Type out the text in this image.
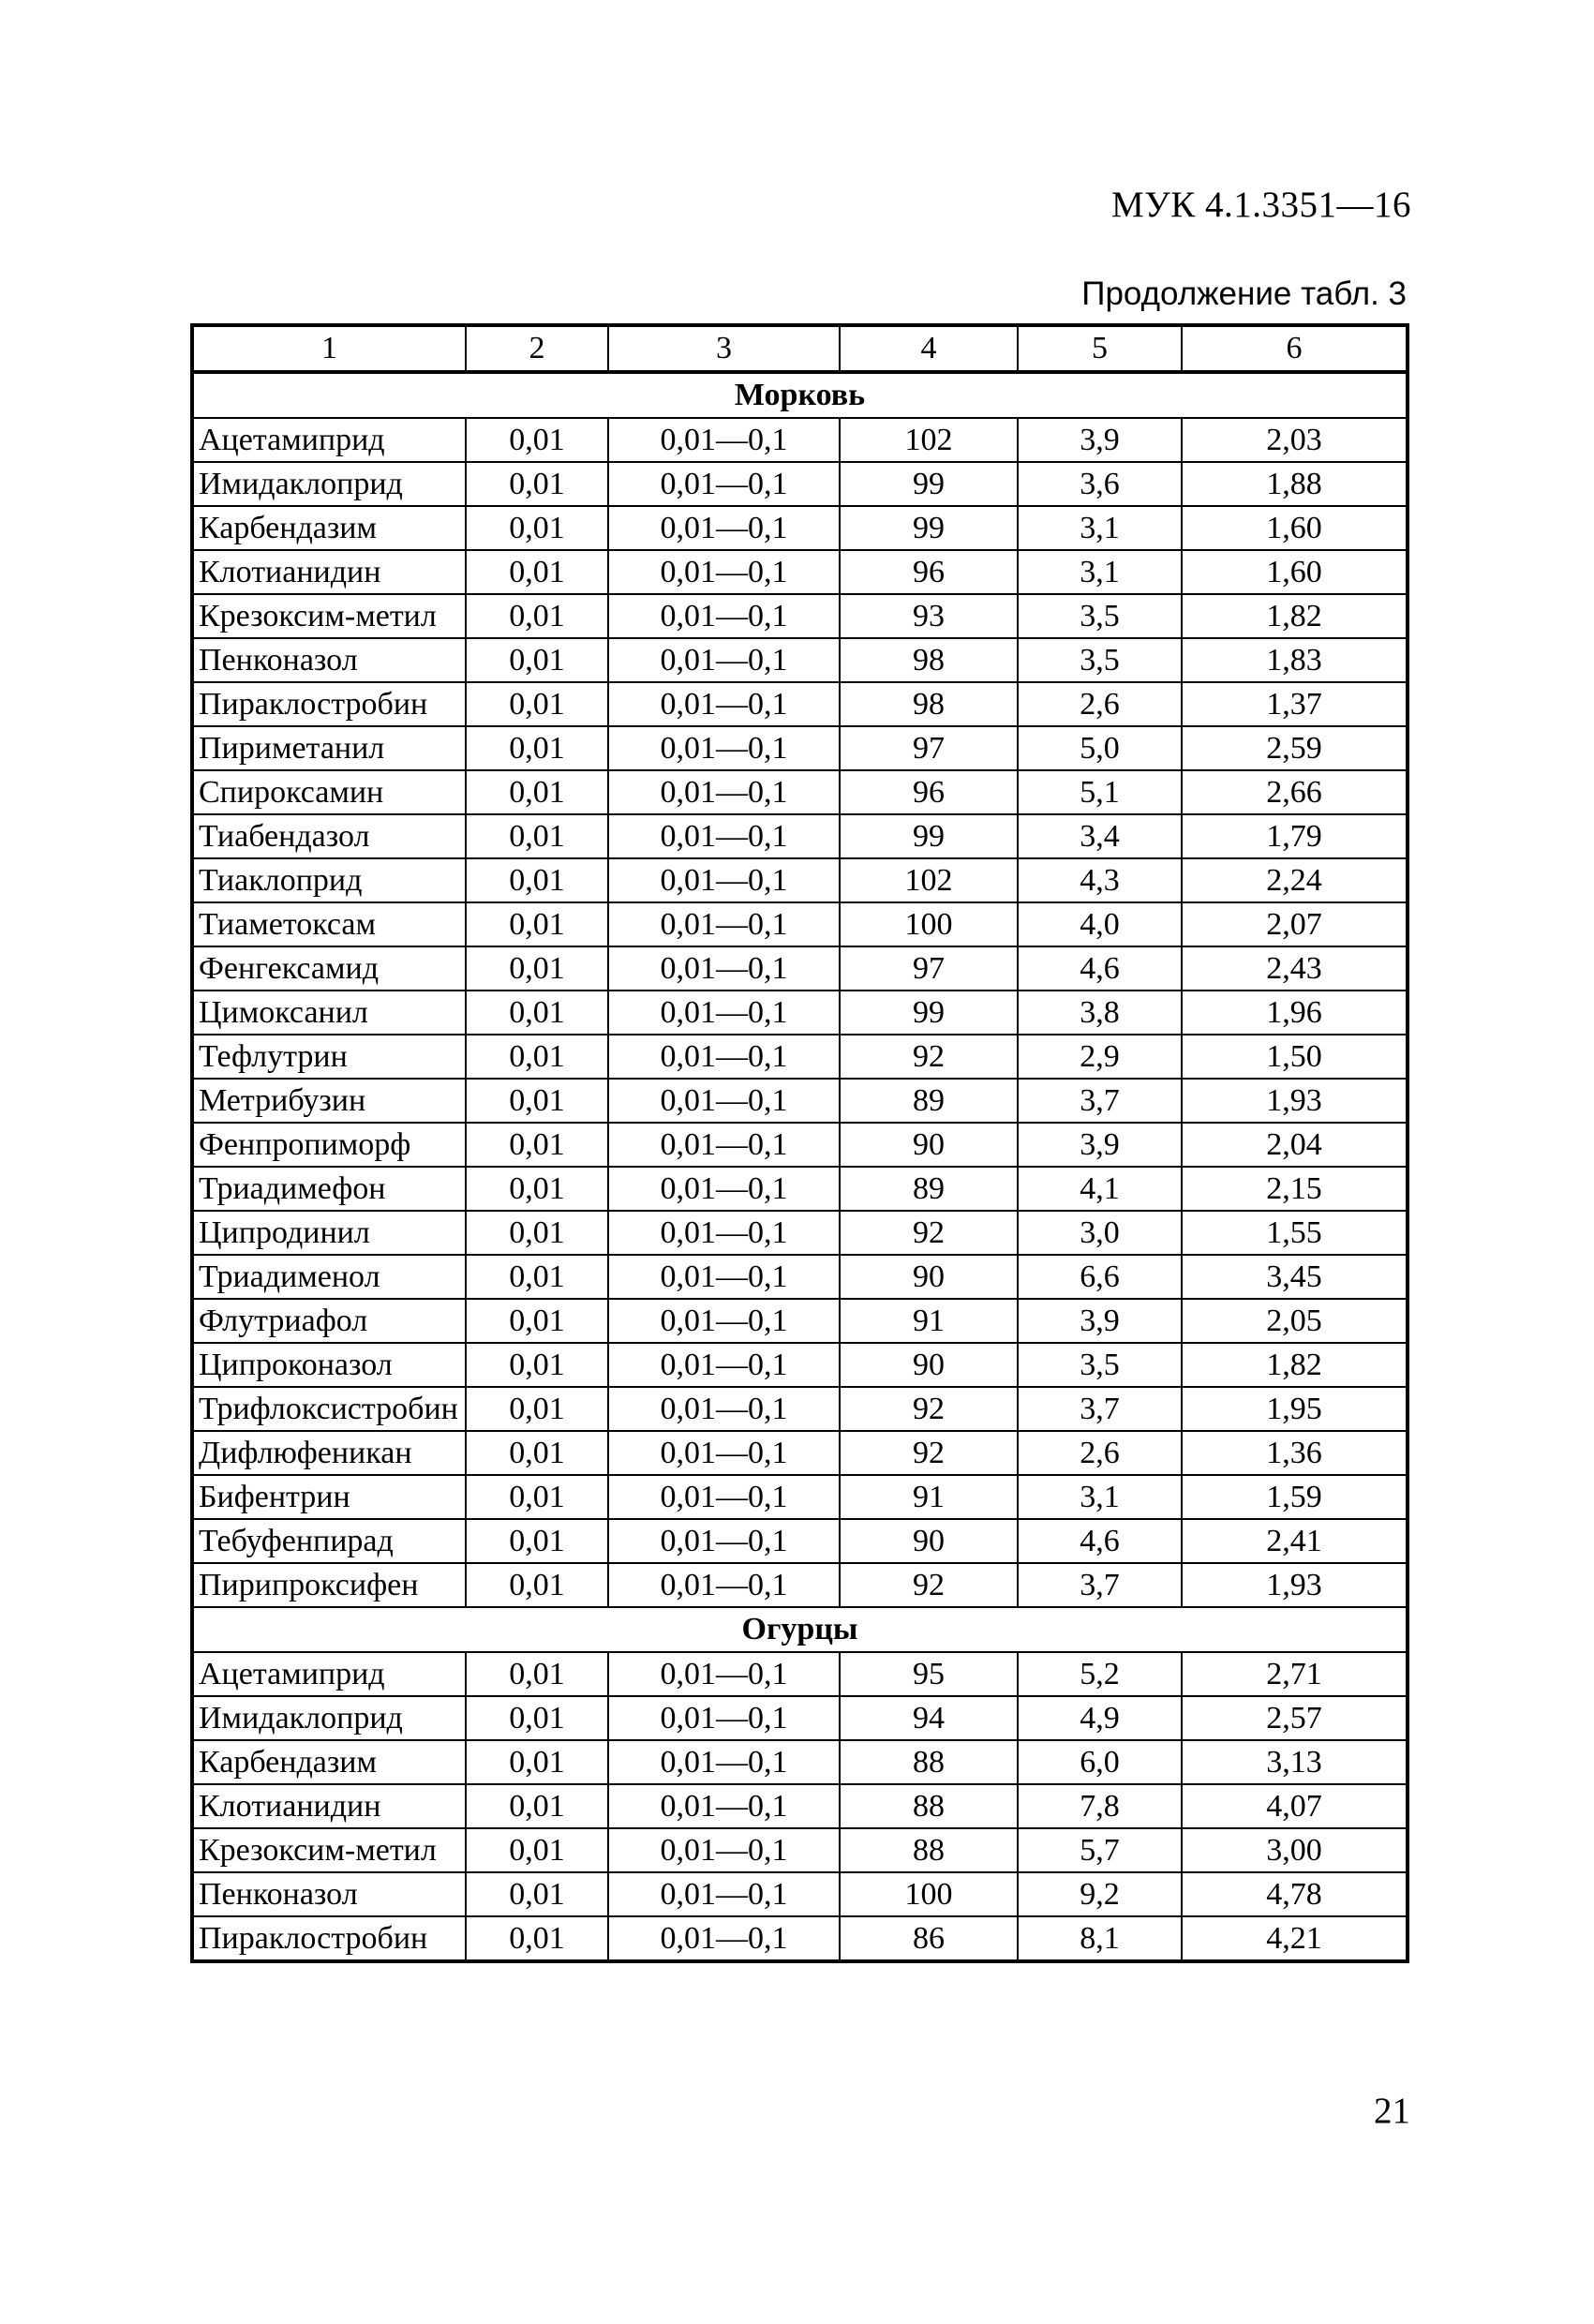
МУК 4.1.3351—16
Продолжение табл. 3
1	2	3	4	5	6
Морковь					
Ацетамиприд	0,01	0,01—0,1	102	3,9	2,03
Имидаклоприд	0,01	0,01—0,1	99	3,6	1,88
Карбендазим	0,01	0,01—0,1	99	3,1	1,60
Клотианидин	0,01	0,01—0,1	96	3,1	1,60
Крезоксим-метил	0,01	0,01—0,1	93	3,5	1,82
Пенконазол	0,01	0,01—0,1	98	3,5	1,83
Пираклостробин	0,01	0,01—0,1	98	2,6	1,37
Пириметанил	0,01	0,01—0,1	97	5,0	2,59
Спироксамин	0,01	0,01—0,1	96	5,1	2,66
Тиабендазол	0,01	0,01—0,1	99	3,4	1,79
Тиаклоприд	0,01	0,01—0,1	102	4,3	2,24
Тиаметоксам	0,01	0,01—0,1	100	4,0	2,07
Фенгексамид	0,01	0,01—0,1	97	4,6	2,43
Цимоксанил	0,01	0,01—0,1	99	3,8	1,96
Тефлутрин	0,01	0,01—0,1	92	2,9	1,50
Метрибузин	0,01	0,01—0,1	89	3,7	1,93
Фенпропиморф	0,01	0,01—0,1	90	3,9	2,04
Триадимефон	0,01	0,01—0,1	89	4,1	2,15
Ципродинил	0,01	0,01—0,1	92	3,0	1,55
Триадименол	0,01	0,01—0,1	90	6,6	3,45
Флутриафол	0,01	0,01—0,1	91	3,9	2,05
Ципроконазол	0,01	0,01—0,1	90	3,5	1,82
Трифлоксистробин	0,01	0,01—0,1	92	3,7	1,95
Дифлюфеникан	0,01	0,01—0,1	92	2,6	1,36
Бифентрин	0,01	0,01—0,1	91	3,1	1,59
Тебуфенпирад	0,01	0,01—0,1	90	4,6	2,41
Пирипроксифен	0,01	0,01—0,1	92	3,7	1,93
Огурцы					
Ацетамиприд	0,01	0,01—0,1	95	5,2	2,71
Имидаклоприд	0,01	0,01—0,1	94	4,9	2,57
Карбендазим	0,01	0,01—0,1	88	6,0	3,13
Клотианидин	0,01	0,01—0,1	88	7,8	4,07
Крезоксим-метил	0,01	0,01—0,1	88	5,7	3,00
Пенконазол	0,01	0,01—0,1	100	9,2	4,78
Пираклостробин	0,01	0,01—0,1	86	8,1	4,21
21
